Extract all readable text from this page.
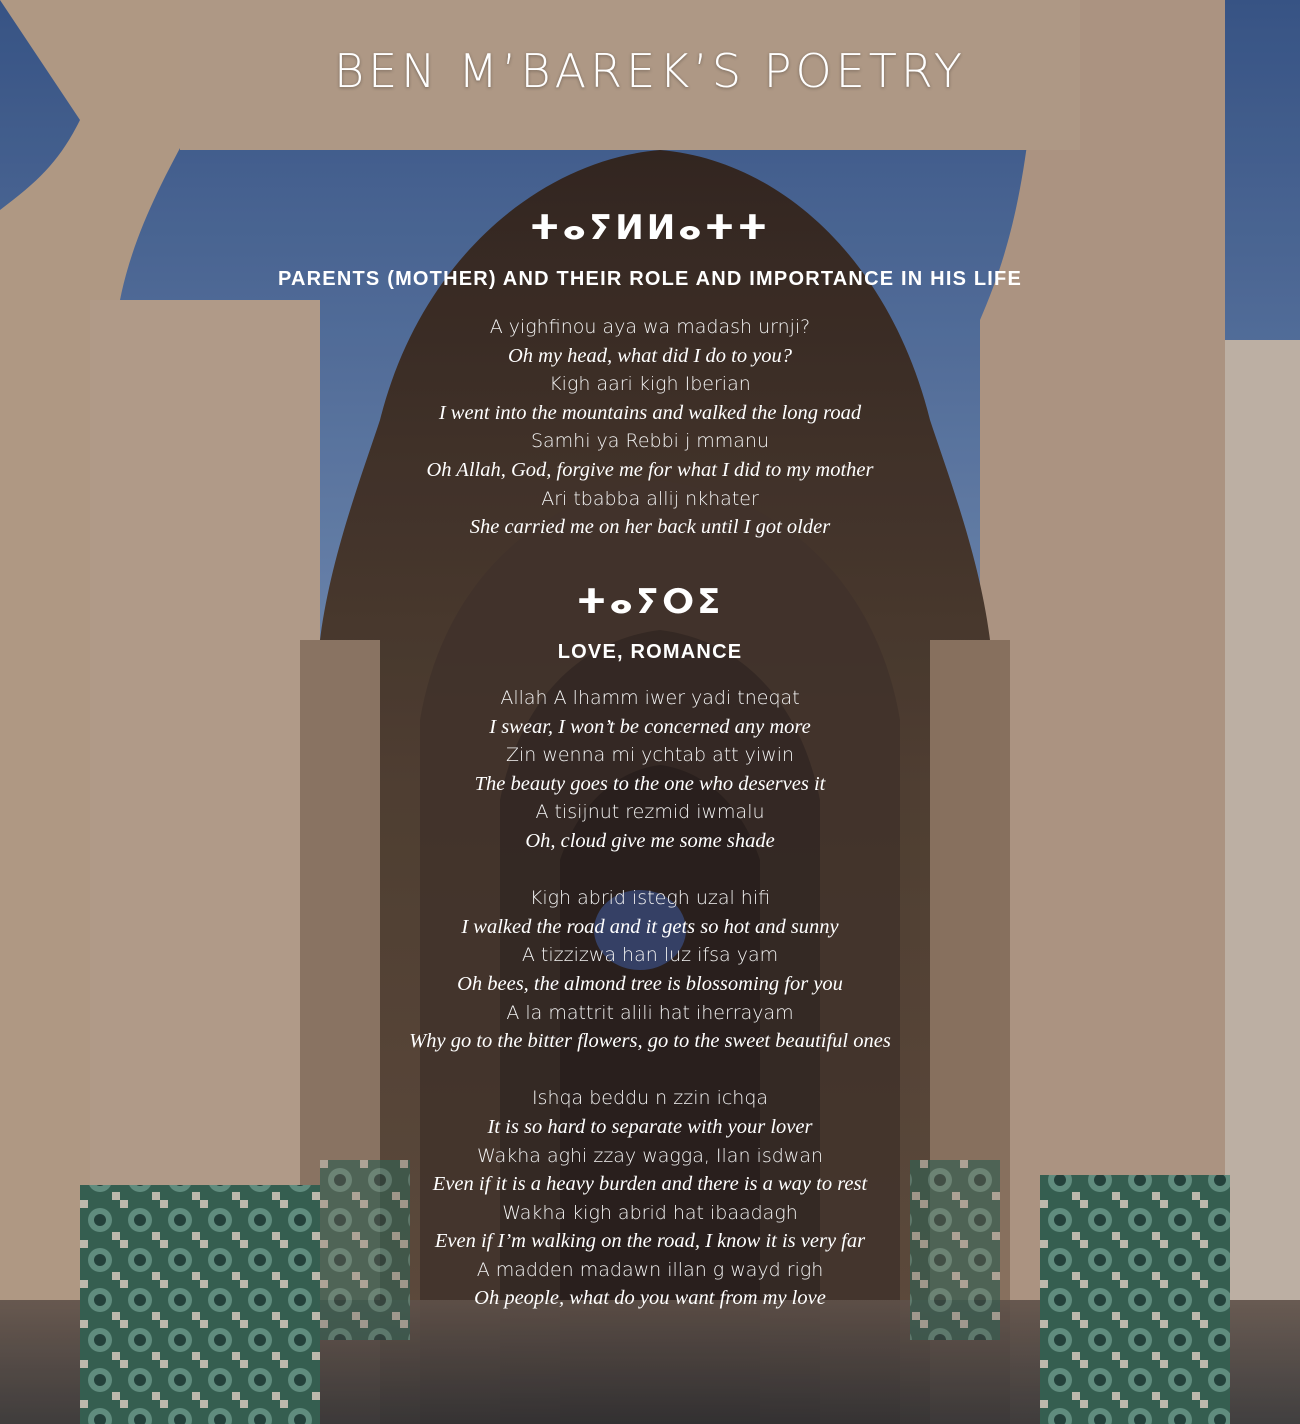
BEN M’BAREK’S POETRY
ⵜⴰⵢⵍⵍⴰⵜⵜ
PARENTS (MOTHER) AND THEIR ROLE AND IMPORTANCE IN HIS LIFE
A yighfinou aya wa madash urnji?
Oh my head, what did I do to you?
Kigh aari kigh Iberian
I went into the mountains and walked the long road
Samhi ya Rebbi j mmanu
Oh Allah, God, forgive me for what I did to my mother
Ari tbabba allij nkhater
She carried me on her back until I got older
ⵜⴰⵢⵔⵉ
LOVE, ROMANCE
Allah A lhamm iwer yadi tneqat
I swear, I won’t be concerned any more
Zin wenna mi ychtab att yiwin
The beauty goes to the one who deserves it
A tisijnut rezmid iwmalu
Oh, cloud give me some shade
Kigh abrid istegh uzal hifi
I walked the road and it gets so hot and sunny
A tizzizwa han luz ifsa yam
Oh bees, the almond tree is blossoming for you
A la mattrit alili hat iherrayam
Why go to the bitter flowers, go to the sweet beautiful ones
Ishqa beddu n zzin ichqa
It is so hard to separate with your lover
Wakha aghi zzay wagga, Ilan isdwan
Even if it is a heavy burden and there is a way to rest
Wakha kigh abrid hat ibaadagh
Even if I’m walking on the road, I know it is very far
A madden madawn illan g wayd righ
Oh people, what do you want from my love
